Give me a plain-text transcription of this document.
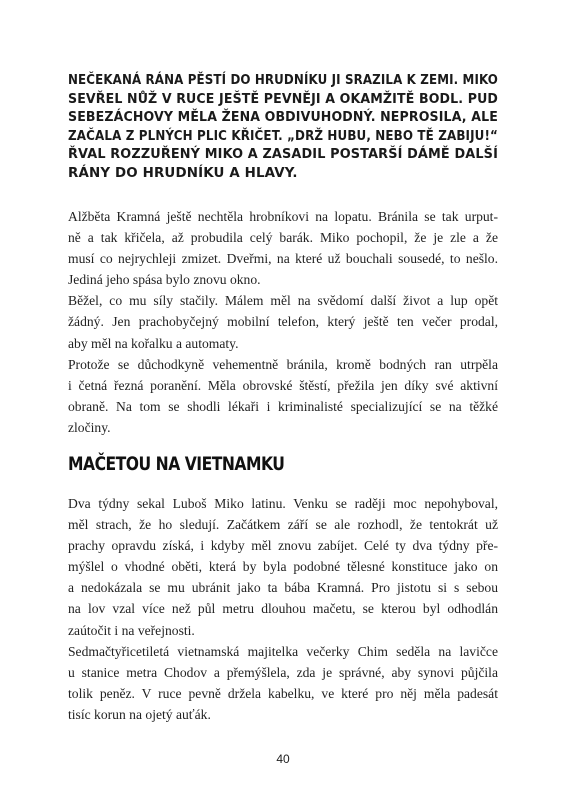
NEČEKANÁ RÁNA PĚSTÍ DO HRUDNÍKU JI SRAZILA K ZEMI. MIKO
SEVŘEL NŮŽ V RUCE JEŠTĚ PEVNĚJI A OKAMŽITĚ BODL. PUD
SEBEZÁCHOVY MĚLA ŽENA OBDIVUHODNÝ. NEPROSILA, ALE
ZAČALA Z PLNÝCH PLIC KŘIČET. „DRŽ HUBU, NEBO TĚ ZABIJU!“
ŘVAL ROZZUŘENÝ MIKO A ZASADIL POSTARŠÍ DÁMĚ DALŠÍ
RÁNY DO HRUDNÍKU A HLAVY.
Alžběta Kramná ještě nechtěla hrobníkovi na lopatu. Bránila se tak urput-
ně a tak křičela, až probudila celý barák. Miko pochopil, že je zle a že
musí co nejrychleji zmizet. Dveřmi, na které už bouchali sousedé, to nešlo.
Jediná jeho spása bylo znovu okno.
Běžel, co mu síly stačily. Málem měl na svědomí další život a lup opět
žádný. Jen prachobyčejný mobilní telefon, který ještě ten večer prodal,
aby měl na kořalku a automaty.
Protože se důchodkyně vehementně bránila, kromě bodných ran utrpěla
i četná řezná poranění. Měla obrovské štěstí, přežila jen díky své aktivní
obraně. Na tom se shodli lékaři i kriminalisté specializující se na těžké
zločiny.
MAČETOU NA VIETNAMKU
Dva týdny sekal Luboš Miko latinu. Venku se raději moc nepohyboval,
měl strach, že ho sledují. Začátkem září se ale rozhodl, že tentokrát už
prachy opravdu získá, i kdyby měl znovu zabíjet. Celé ty dva týdny pře-
mýšlel o vhodné oběti, která by byla podobné tělesné konstituce jako on
a nedokázala se mu ubránit jako ta bába Kramná. Pro jistotu si s sebou
na lov vzal více než půl metru dlouhou mačetu, se kterou byl odhodlán
zaútočit i na veřejnosti.
Sedmačtyřicetiletá vietnamská majitelka večerky Chim seděla na lavičce
u stanice metra Chodov a přemýšlela, zda je správné, aby synovi půjčila
tolik peněz. V ruce pevně držela kabelku, ve které pro něj měla padesát
tisíc korun na ojetý auťák.
40
